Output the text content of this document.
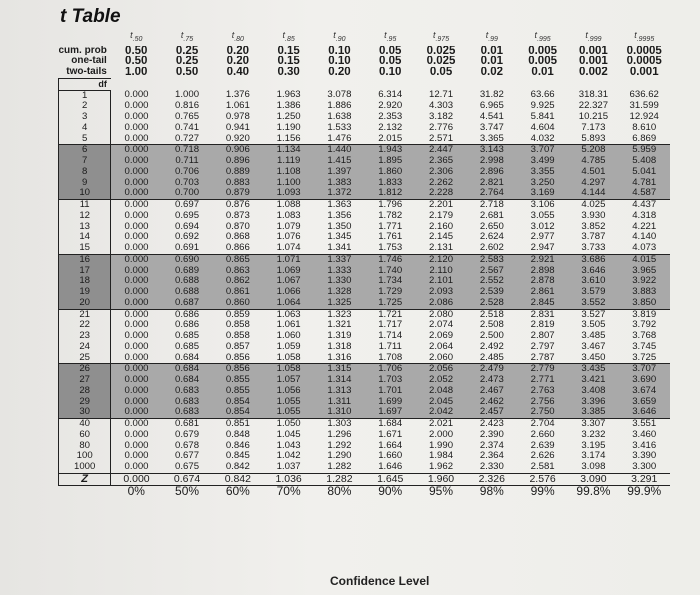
t Table
	$t_{.50}$	$t_{.75}$	$t_{.80}$	$t_{.85}$	$t_{.90}$	$t_{.95}$	$t_{.975}$	$t_{.99}$	$t_{.995}$	$t_{.999}$	$t_{.9995}$
cum. prob	0.50	0.25	0.20	0.15	0.10	0.05	0.025	0.01	0.005	0.001	0.0005
one-tail	0.50	0.25	0.20	0.15	0.10	0.05	0.025	0.01	0.005	0.001	0.0005
two-tails	1.00	0.50	0.40	0.30	0.20	0.10	0.05	0.02	0.01	0.002	0.001
df											
1	0.000	1.000	1.376	1.963	3.078	6.314	12.71	31.82	63.66	318.31	636.62
2	0.000	0.816	1.061	1.386	1.886	2.920	4.303	6.965	9.925	22.327	31.599
3	0.000	0.765	0.978	1.250	1.638	2.353	3.182	4.541	5.841	10.215	12.924
4	0.000	0.741	0.941	1.190	1.533	2.132	2.776	3.747	4.604	7.173	8.610
5	0.000	0.727	0.920	1.156	1.476	2.015	2.571	3.365	4.032	5.893	6.869
6	0.000	0.718	0.906	1.134	1.440	1.943	2.447	3.143	3.707	5.208	5.959
7	0.000	0.711	0.896	1.119	1.415	1.895	2.365	2.998	3.499	4.785	5.408
8	0.000	0.706	0.889	1.108	1.397	1.860	2.306	2.896	3.355	4.501	5.041
9	0.000	0.703	0.883	1.100	1.383	1.833	2.262	2.821	3.250	4.297	4.781
10	0.000	0.700	0.879	1.093	1.372	1.812	2.228	2.764	3.169	4.144	4.587
11	0.000	0.697	0.876	1.088	1.363	1.796	2.201	2.718	3.106	4.025	4.437
12	0.000	0.695	0.873	1.083	1.356	1.782	2.179	2.681	3.055	3.930	4.318
13	0.000	0.694	0.870	1.079	1.350	1.771	2.160	2.650	3.012	3.852	4.221
14	0.000	0.692	0.868	1.076	1.345	1.761	2.145	2.624	2.977	3.787	4.140
15	0.000	0.691	0.866	1.074	1.341	1.753	2.131	2.602	2.947	3.733	4.073
16	0.000	0.690	0.865	1.071	1.337	1.746	2.120	2.583	2.921	3.686	4.015
17	0.000	0.689	0.863	1.069	1.333	1.740	2.110	2.567	2.898	3.646	3.965
18	0.000	0.688	0.862	1.067	1.330	1.734	2.101	2.552	2.878	3.610	3.922
19	0.000	0.688	0.861	1.066	1.328	1.729	2.093	2.539	2.861	3.579	3.883
20	0.000	0.687	0.860	1.064	1.325	1.725	2.086	2.528	2.845	3.552	3.850
21	0.000	0.686	0.859	1.063	1.323	1.721	2.080	2.518	2.831	3.527	3.819
22	0.000	0.686	0.858	1.061	1.321	1.717	2.074	2.508	2.819	3.505	3.792
23	0.000	0.685	0.858	1.060	1.319	1.714	2.069	2.500	2.807	3.485	3.768
24	0.000	0.685	0.857	1.059	1.318	1.711	2.064	2.492	2.797	3.467	3.745
25	0.000	0.684	0.856	1.058	1.316	1.708	2.060	2.485	2.787	3.450	3.725
26	0.000	0.684	0.856	1.058	1.315	1.706	2.056	2.479	2.779	3.435	3.707
27	0.000	0.684	0.855	1.057	1.314	1.703	2.052	2.473	2.771	3.421	3.690
28	0.000	0.683	0.855	1.056	1.313	1.701	2.048	2.467	2.763	3.408	3.674
29	0.000	0.683	0.854	1.055	1.311	1.699	2.045	2.462	2.756	3.396	3.659
30	0.000	0.683	0.854	1.055	1.310	1.697	2.042	2.457	2.750	3.385	3.646
40	0.000	0.681	0.851	1.050	1.303	1.684	2.021	2.423	2.704	3.307	3.551
60	0.000	0.679	0.848	1.045	1.296	1.671	2.000	2.390	2.660	3.232	3.460
80	0.000	0.678	0.846	1.043	1.292	1.664	1.990	2.374	2.639	3.195	3.416
100	0.000	0.677	0.845	1.042	1.290	1.660	1.984	2.364	2.626	3.174	3.390
1000	0.000	0.675	0.842	1.037	1.282	1.646	1.962	2.330	2.581	3.098	3.300
Z	0.000	0.674	0.842	1.036	1.282	1.645	1.960	2.326	2.576	3.090	3.291
	0%	50%	60%	70%	80%	90%	95%	98%	99%	99.8%	99.9%
Confidence Level
